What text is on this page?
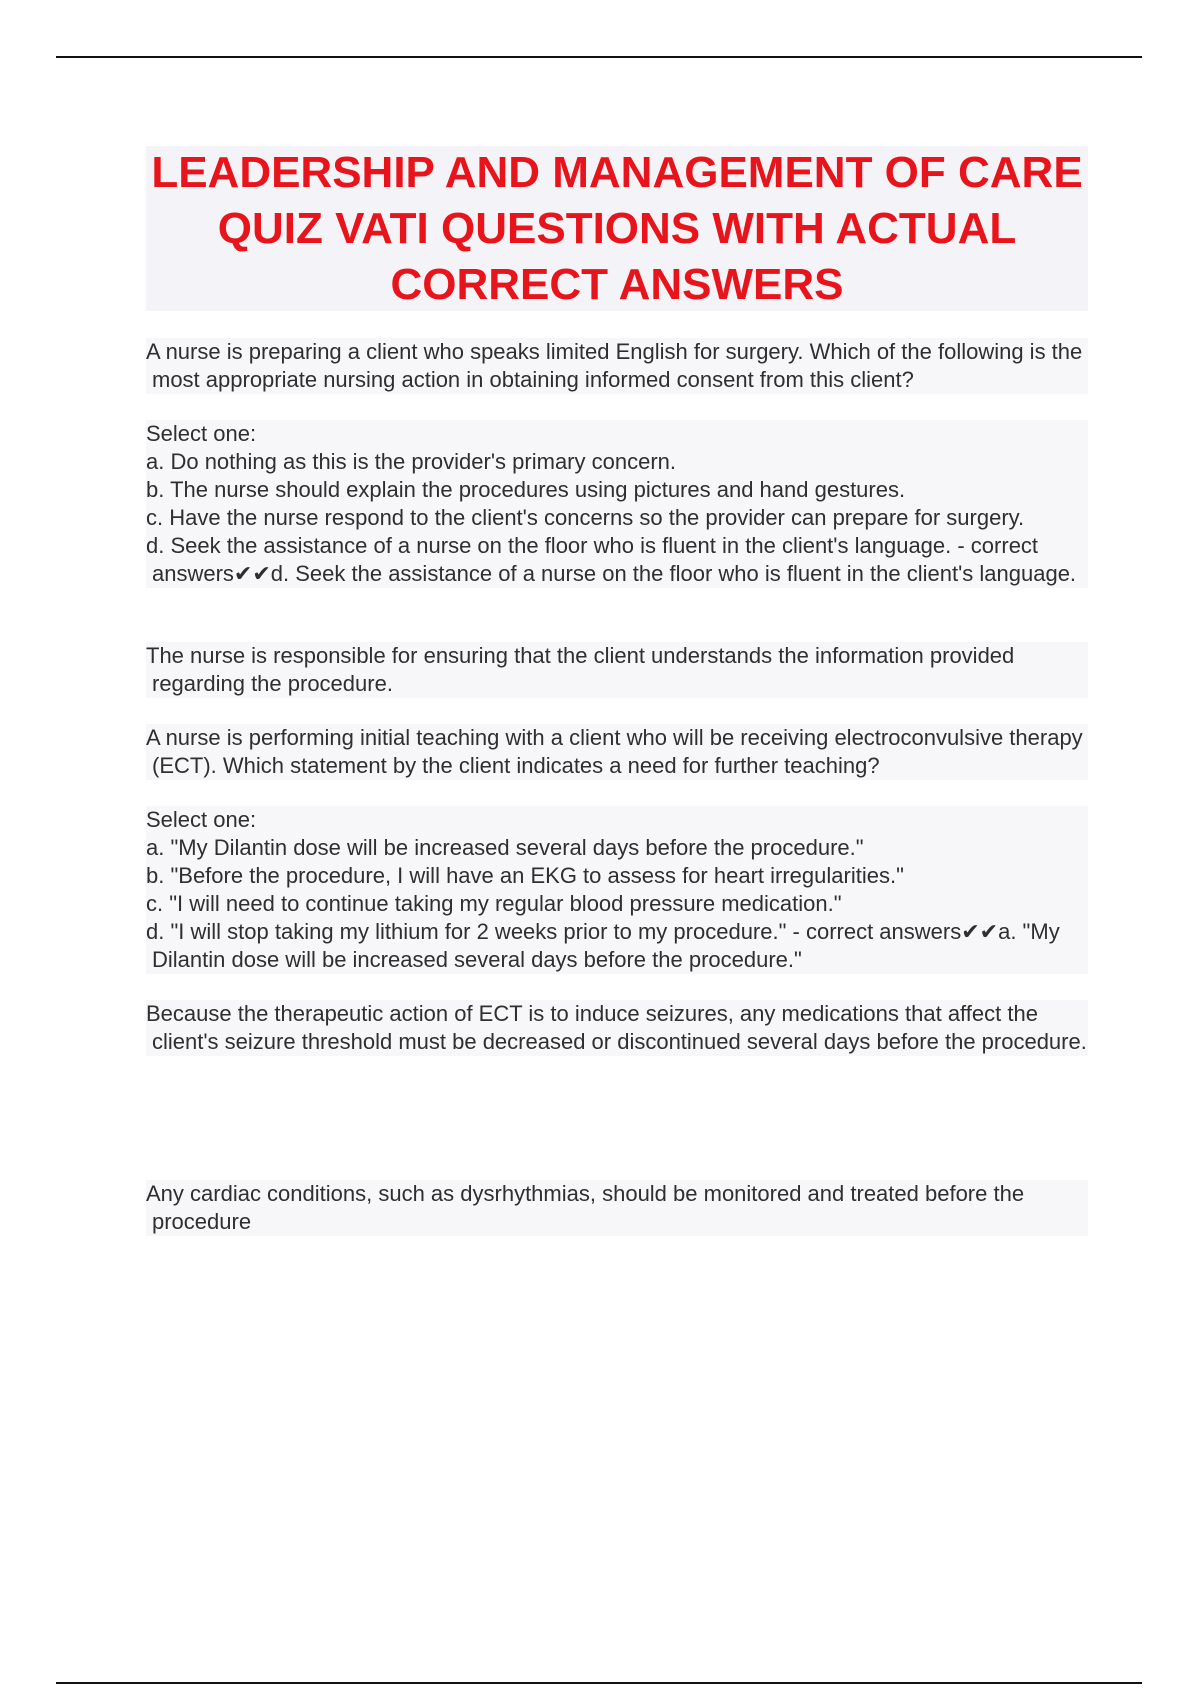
LEADERSHIP AND MANAGEMENT OF CARE QUIZ VATI QUESTIONS WITH ACTUAL CORRECT ANSWERS

A nurse is preparing a client who speaks limited English for surgery. Which of the following is the most appropriate nursing action in obtaining informed consent from this client?

Select one:

a. Do nothing as this is the provider's primary concern.

b. The nurse should explain the procedures using pictures and hand gestures.

c. Have the nurse respond to the client's concerns so the provider can prepare for surgery.

d. Seek the assistance of a nurse on the floor who is fluent in the client's language. - correct answers✔✔d. Seek the assistance of a nurse on the floor who is fluent in the client's language.

The nurse is responsible for ensuring that the client understands the information provided regarding the procedure.

A nurse is performing initial teaching with a client who will be receiving electroconvulsive therapy (ECT). Which statement by the client indicates a need for further teaching?

Select one:

a. "My Dilantin dose will be increased several days before the procedure."

b. "Before the procedure, I will have an EKG to assess for heart irregularities."

c. "I will need to continue taking my regular blood pressure medication."

d. "I will stop taking my lithium for 2 weeks prior to my procedure." - correct answers✔✔a. "My Dilantin dose will be increased several days before the procedure."

Because the therapeutic action of ECT is to induce seizures, any medications that affect the client's seizure threshold must be decreased or discontinued several days before the procedure.

Any cardiac conditions, such as dysrhythmias, should be monitored and treated before the procedure
